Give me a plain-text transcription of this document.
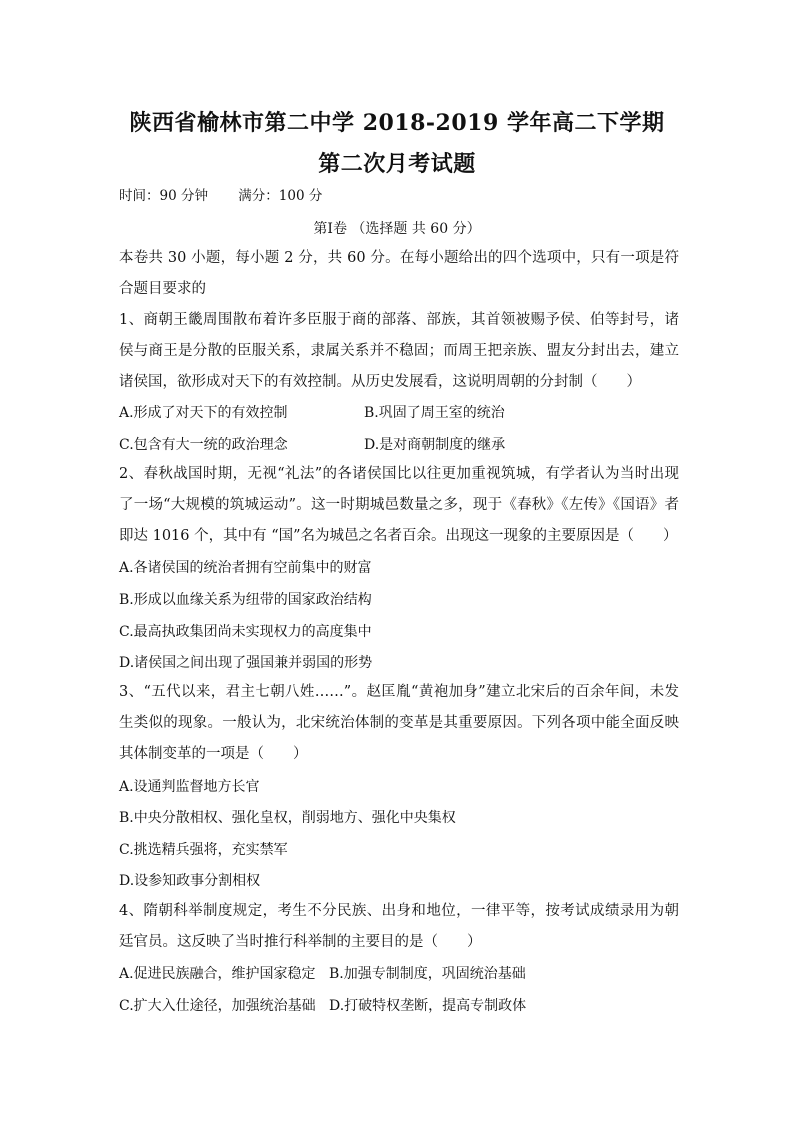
陕西省榆林市第二中学 2018-2019 学年高二下学期
第二次月考试题
时间：90 分钟 满分：100 分
第Ⅰ卷 （选择题 共 60 分）
本卷共 30 小题，每小题 2 分，共 60 分。在每小题给出的四个选项中，只有一项是符合题目要求的
1、商朝王畿周围散布着许多臣服于商的部落、部族，其首领被赐予侯、伯等封号，诸侯与商王是分散的臣服关系，隶属关系并不稳固；而周王把亲族、盟友分封出去，建立诸侯国，欲形成对天下的有效控制。从历史发展看，这说明周朝的分封制（　　）
A.形成了对天下的有效控制	B.巩固了周王室的统治
C.包含有大一统的政治理念	D.是对商朝制度的继承
2、春秋战国时期，无视“礼法”的各诸侯国比以往更加重视筑城，有学者认为当时出现了一场“大规模的筑城运动”。这一时期城邑数量之多，现于《春秋》《左传》《国语》者即达 1016 个，其中有 “国”名为城邑之名者百余。出现这一现象的主要原因是（　　）
A.各诸侯国的统治者拥有空前集中的财富
B.形成以血缘关系为纽带的国家政治结构
C.最高执政集团尚未实现权力的高度集中
D.诸侯国之间出现了强国兼并弱国的形势
3、“五代以来，君主七朝八姓……”。赵匡胤“黄袍加身”建立北宋后的百余年间，未发生类似的现象。一般认为，北宋统治体制的变革是其重要原因。下列各项中能全面反映其体制变革的一项是（　　）
A.设通判监督地方长官
B.中央分散相权、强化皇权，削弱地方、强化中央集权
C.挑选精兵强将，充实禁军
D.设参知政事分割相权
4、隋朝科举制度规定，考生不分民族、出身和地位，一律平等，按考试成绩录用为朝廷官员。这反映了当时推行科举制的主要目的是（　　）
A.促进民族融合，维护国家稳定 B.加强专制制度，巩固统治基础
C.扩大入仕途径，加强统治基础 D.打破特权垄断，提高专制政体
